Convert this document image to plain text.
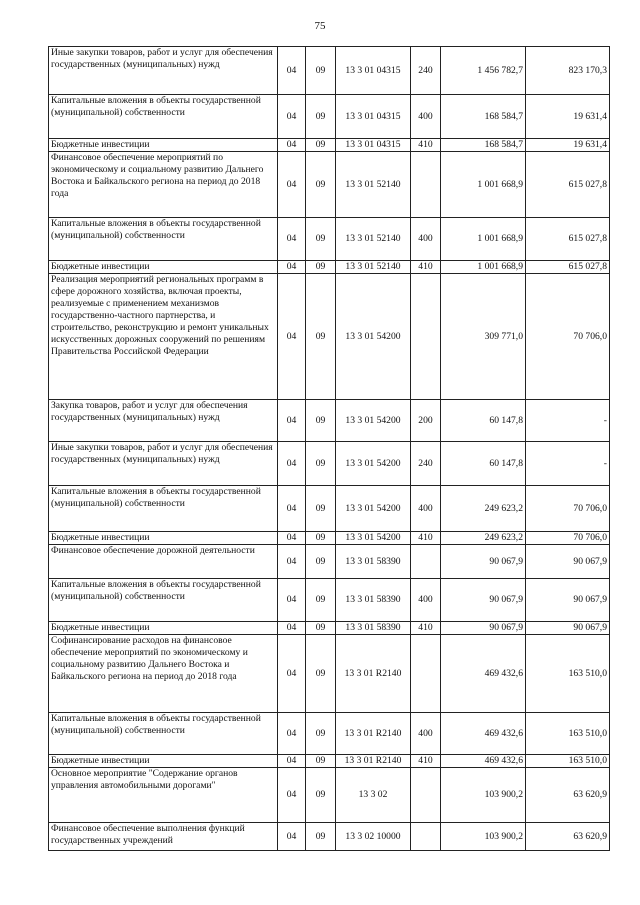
75
Иные закупки товаров, работ и услуг для обеспечения государственных (муниципальных) нужд	04	09	13 3 01 04315	240	1 456 782,7	823 170,3
Капитальные вложения в объекты государственной (муниципальной) собственности	04	09	13 3 01 04315	400	168 584,7	19 631,4
Бюджетные инвестиции	04	09	13 3 01 04315	410	168 584,7	19 631,4
Финансовое обеспечение мероприятий по экономическому и социальному развитию Дальнего Востока и Байкальского региона на период до 2018 года	04	09	13 3 01 52140		1 001 668,9	615 027,8
Капитальные вложения в объекты государственной (муниципальной) собственности	04	09	13 3 01 52140	400	1 001 668,9	615 027,8
Бюджетные инвестиции	04	09	13 3 01 52140	410	1 001 668,9	615 027,8
Реализация мероприятий региональных программ в сфере дорожного хозяйства, включая проекты, реализуемые с применением механизмов государственно-частного партнерства, и строительство, реконструкцию и ремонт уникальных искусственных дорожных сооружений по решениям Правительства Российской Федерации	04	09	13 3 01 54200		309 771,0	70 706,0
Закупка товаров, работ и услуг для обеспечения государственных (муниципальных) нужд	04	09	13 3 01 54200	200	60 147,8	-
Иные закупки товаров, работ и услуг для обеспечения государственных (муниципальных) нужд	04	09	13 3 01 54200	240	60 147,8	-
Капитальные вложения в объекты государственной (муниципальной) собственности	04	09	13 3 01 54200	400	249 623,2	70 706,0
Бюджетные инвестиции	04	09	13 3 01 54200	410	249 623,2	70 706,0
Финансовое обеспечение дорожной деятельности	04	09	13 3 01 58390		90 067,9	90 067,9
Капитальные вложения в объекты государственной (муниципальной) собственности	04	09	13 3 01 58390	400	90 067,9	90 067,9
Бюджетные инвестиции	04	09	13 3 01 58390	410	90 067,9	90 067,9
Софинансирование расходов на финансовое обеспечение мероприятий по экономическому и социальному развитию Дальнего Востока и Байкальского региона на период до 2018 года	04	09	13 3 01 R2140		469 432,6	163 510,0
Капитальные вложения в объекты государственной (муниципальной) собственности	04	09	13 3 01 R2140	400	469 432,6	163 510,0
Бюджетные инвестиции	04	09	13 3 01 R2140	410	469 432,6	163 510,0
Основное мероприятие "Содержание органов управления автомобильными дорогами"	04	09	13 3 02		103 900,2	63 620,9
Финансовое обеспечение выполнения функций государственных учреждений	04	09	13 3 02 10000		103 900,2	63 620,9
